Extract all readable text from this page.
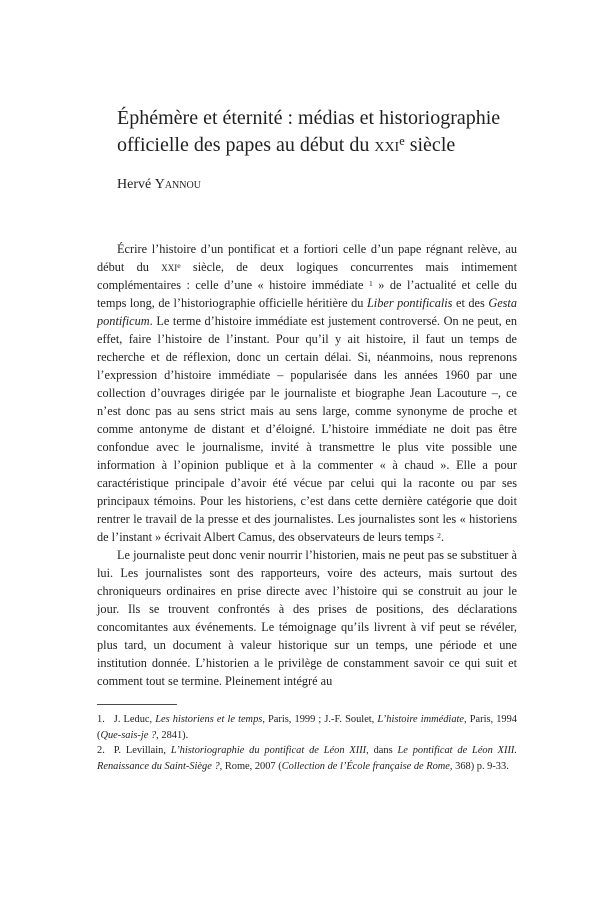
Éphémère et éternité : médias et historiographie officielle des papes au début du xxi$^e$ siècle
Hervé Yannou

Écrire l’histoire d’un pontificat et a fortiori celle d’un pape régnant relève, au début du xxi$^e$ siècle, de deux logiques concurrentes mais intimement complémentaires : celle d’une « histoire immédiate $^1$ » de l’actualité et celle du temps long, de l’historiographie officielle héritière du Liber pontificalis et des Gesta pontificum. Le terme d’histoire immédiate est justement controversé. On ne peut, en effet, faire l’histoire de l’instant. Pour qu’il y ait histoire, il faut un temps de recherche et de réflexion, donc un certain délai. Si, néanmoins, nous reprenons l’expression d’histoire immédiate – popularisée dans les années 1960 par une collection d’ouvrages dirigée par le journaliste et biographe Jean Lacouture –, ce n’est donc pas au sens strict mais au sens large, comme synonyme de proche et comme antonyme de distant et d’éloigné. L’histoire immédiate ne doit pas être confondue avec le journalisme, invité à transmettre le plus vite possible une information à l’opinion publique et à la commenter « à chaud ». Elle a pour caractéristique principale d’avoir été vécue par celui qui la raconte ou par ses principaux témoins. Pour les historiens, c’est dans cette dernière catégorie que doit rentrer le travail de la presse et des journalistes. Les journalistes sont les « historiens de l’instant » écrivait Albert Camus, des observateurs de leurs temps $^2$.

Le journaliste peut donc venir nourrir l’historien, mais ne peut pas se substituer à lui. Les journalistes sont des rapporteurs, voire des acteurs, mais surtout des chroniqueurs ordinaires en prise directe avec l’histoire qui se construit au jour le jour. Ils se trouvent confrontés à des prises de positions, des déclarations concomitantes aux événements. Le témoignage qu’ils livrent à vif peut se révéler, plus tard, un document à valeur historique sur un temps, une période et une institution donnée. L’historien a le privilège de constamment savoir ce qui suit et comment tout se termine. Pleinement intégré au

1. J. Leduc, Les historiens et le temps, Paris, 1999 ; J.-F. Soulet, L’histoire immédiate, Paris, 1994 (Que-sais-je ?, 2841).

2. P. Levillain, L’historiographie du pontificat de Léon XIII, dans Le pontificat de Léon XIII. Renaissance du Saint-Siège ?, Rome, 2007 (Collection de l’École française de Rome, 368) p. 9-33.
